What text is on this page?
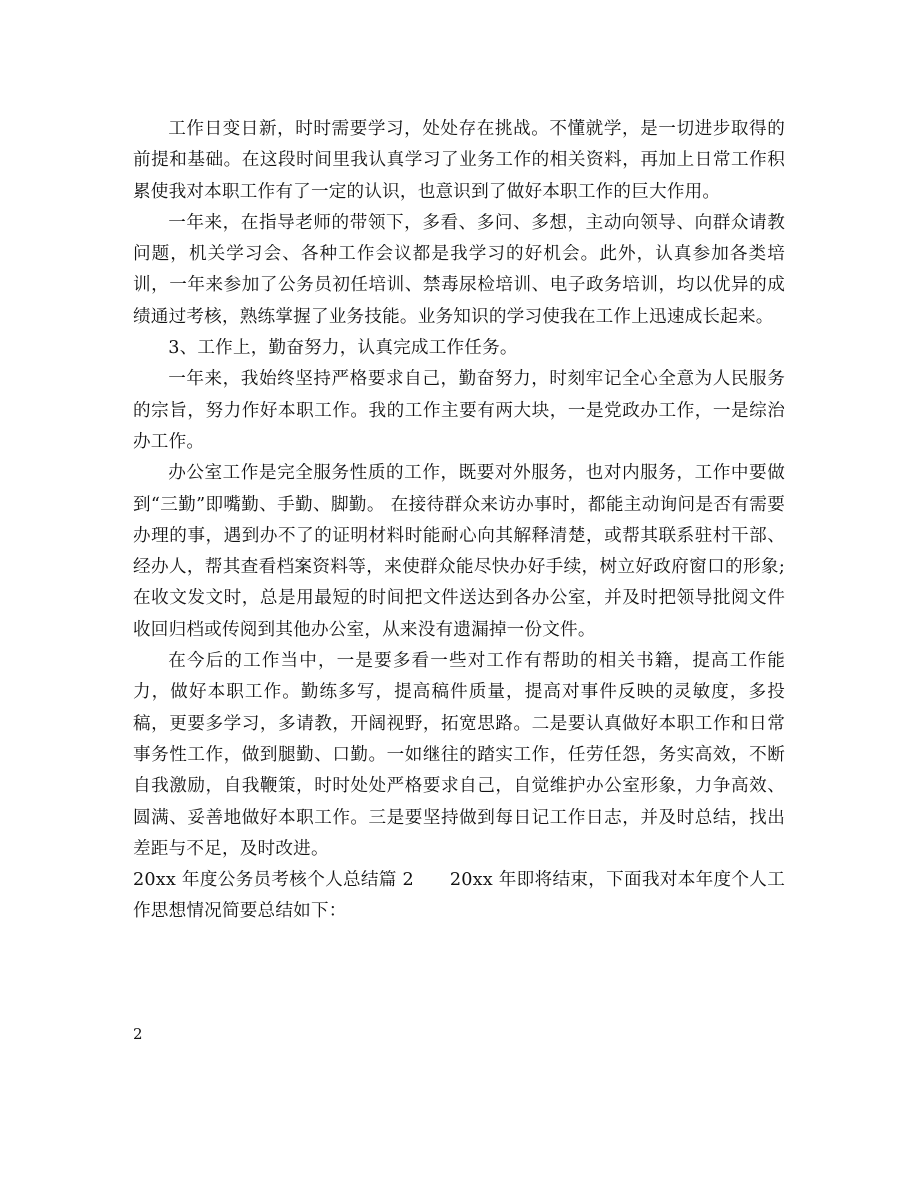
工作日变日新，时时需要学习，处处存在挑战。不懂就学，是一切进步取得的前提和基础。在这段时间里我认真学习了业务工作的相关资料，再加上日常工作积累使我对本职工作有了一定的认识，也意识到了做好本职工作的巨大作用。

一年来，在指导老师的带领下，多看、多问、多想，主动向领导、向群众请教问题，机关学习会、各种工作会议都是我学习的好机会。此外，认真参加各类培训，一年来参加了公务员初任培训、禁毒尿检培训、电子政务培训，均以优异的成绩通过考核，熟练掌握了业务技能。业务知识的学习使我在工作上迅速成长起来。

3、工作上，勤奋努力，认真完成工作任务。

一年来，我始终坚持严格要求自己，勤奋努力，时刻牢记全心全意为人民服务的宗旨，努力作好本职工作。我的工作主要有两大块，一是党政办工作，一是综治办工作。

办公室工作是完全服务性质的工作，既要对外服务，也对内服务，工作中要做到“三勤”即嘴勤、手勤、脚勤。 在接待群众来访办事时，都能主动询问是否有需要办理的事，遇到办不了的证明材料时能耐心向其解释清楚，或帮其联系驻村干部、经办人，帮其查看档案资料等，来使群众能尽快办好手续，树立好政府窗口的形象;在收文发文时，总是用最短的时间把文件送达到各办公室，并及时把领导批阅文件收回归档或传阅到其他办公室，从来没有遗漏掉一份文件。

在今后的工作当中，一是要多看一些对工作有帮助的相关书籍，提高工作能力，做好本职工作。勤练多写，提高稿件质量，提高对事件反映的灵敏度，多投稿，更要多学习，多请教，开阔视野，拓宽思路。二是要认真做好本职工作和日常事务性工作，做到腿勤、口勤。一如继往的踏实工作，任劳任怨，务实高效，不断自我激励，自我鞭策，时时处处严格要求自己，自觉维护办公室形象，力争高效、圆满、妥善地做好本职工作。三是要坚持做到每日记工作日志，并及时总结，找出差距与不足，及时改进。

20xx 年度公务员考核个人总结篇 2　　20xx 年即将结束，下面我对本年度个人工作思想情况简要总结如下：

2
